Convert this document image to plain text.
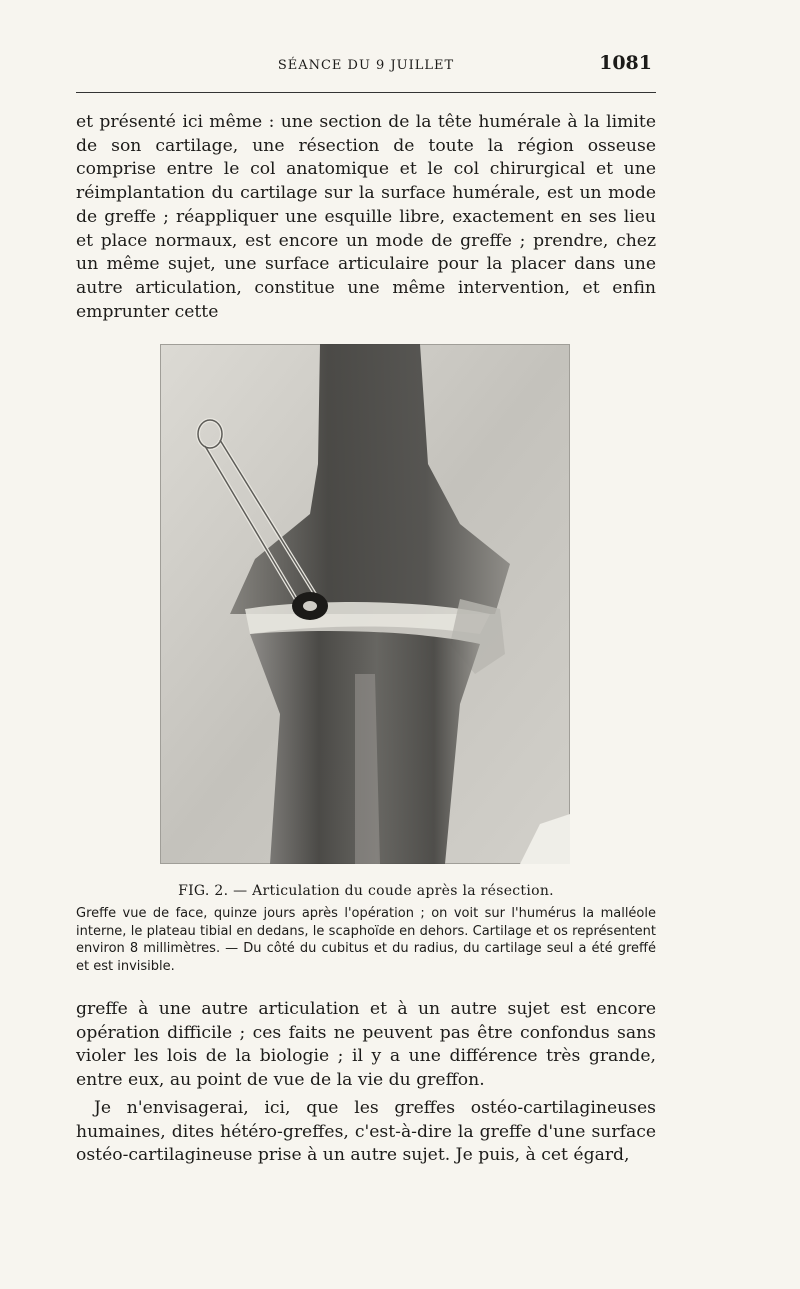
SÉANCE DU 9 JUILLET	1081
et présenté ici même : une section de la tête humérale à la limite de son cartilage, une résection de toute la région osseuse comprise entre le col anatomique et le col chirurgical et une réimplantation du cartilage sur la surface humérale, est un mode de greffe ; réappliquer une esquille libre, exactement en ses lieu et place normaux, est encore un mode de greffe ; prendre, chez un même sujet, une surface articulaire pour la placer dans une autre articulation, constitue une même intervention, et enfin emprunter cette
FIG. 2. — Articulation du coude après la résection.
Greffe vue de face, quinze jours après l'opération ; on voit sur l'humérus la malléole interne, le plateau tibial en dedans, le scaphoïde en dehors. Cartilage et os représentent environ 8 millimètres. — Du côté du cubitus et du radius, du cartilage seul a été greffé et est invisible.
greffe à une autre articulation et à un autre sujet est encore opération difficile ; ces faits ne peuvent pas être confondus sans violer les lois de la biologie ; il y a une différence très grande, entre eux, au point de vue de la vie du greffon.
Je n'envisagerai, ici, que les greffes ostéo-cartilagineuses humaines, dites hétéro-greffes, c'est-à-dire la greffe d'une surface ostéo-cartilagineuse prise à un autre sujet. Je puis, à cet égard,
